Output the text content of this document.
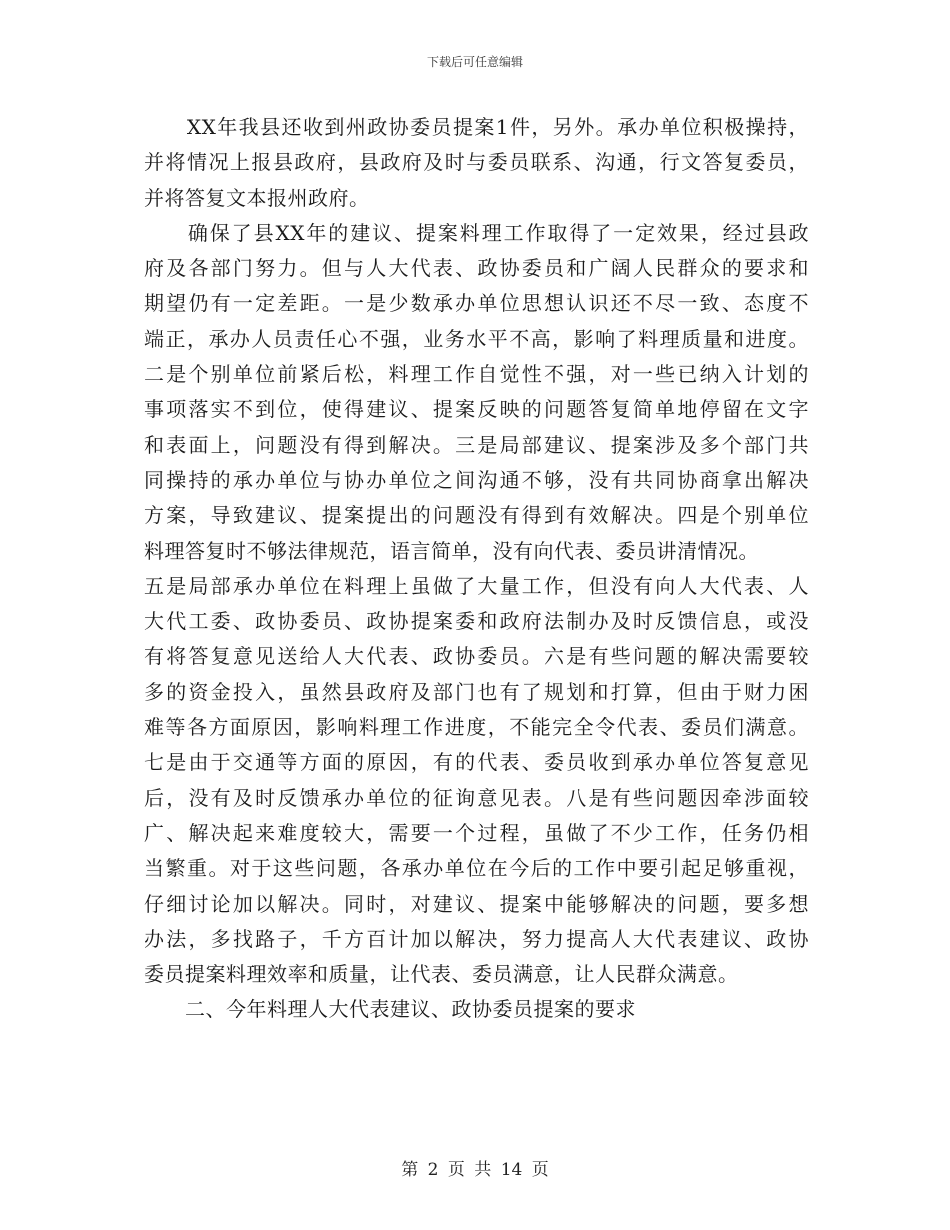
下载后可任意编辑
　　XX年我县还收到州政协委员提案1件，另外。承办单位积极操持，
并将情况上报县政府，县政府及时与委员联系、沟通，行文答复委员，
并将答复文本报州政府。
　　确保了县XX年的建议、提案料理工作取得了一定效果，经过县政
府及各部门努力。但与人大代表、政协委员和广阔人民群众的要求和
期望仍有一定差距。一是少数承办单位思想认识还不尽一致、态度不
端正，承办人员责任心不强，业务水平不高，影响了料理质量和进度。
二是个别单位前紧后松，料理工作自觉性不强，对一些已纳入计划的
事项落实不到位，使得建议、提案反映的问题答复简单地停留在文字
和表面上，问题没有得到解决。三是局部建议、提案涉及多个部门共
同操持的承办单位与协办单位之间沟通不够，没有共同协商拿出解决
方案，导致建议、提案提出的问题没有得到有效解决。四是个别单位
料理答复时不够法律规范，语言简单，没有向代表、委员讲清情况。
五是局部承办单位在料理上虽做了大量工作，但没有向人大代表、人
大代工委、政协委员、政协提案委和政府法制办及时反馈信息，或没
有将答复意见送给人大代表、政协委员。六是有些问题的解决需要较
多的资金投入，虽然县政府及部门也有了规划和打算，但由于财力困
难等各方面原因，影响料理工作进度，不能完全令代表、委员们满意。
七是由于交通等方面的原因，有的代表、委员收到承办单位答复意见
后，没有及时反馈承办单位的征询意见表。八是有些问题因牵涉面较
广、解决起来难度较大，需要一个过程，虽做了不少工作，任务仍相
当繁重。对于这些问题，各承办单位在今后的工作中要引起足够重视，
仔细讨论加以解决。同时，对建议、提案中能够解决的问题，要多想
办法，多找路子，千方百计加以解决，努力提高人大代表建议、政协
委员提案料理效率和质量，让代表、委员满意，让人民群众满意。
　　二、今年料理人大代表建议、政协委员提案的要求
第 2 页 共 14 页
